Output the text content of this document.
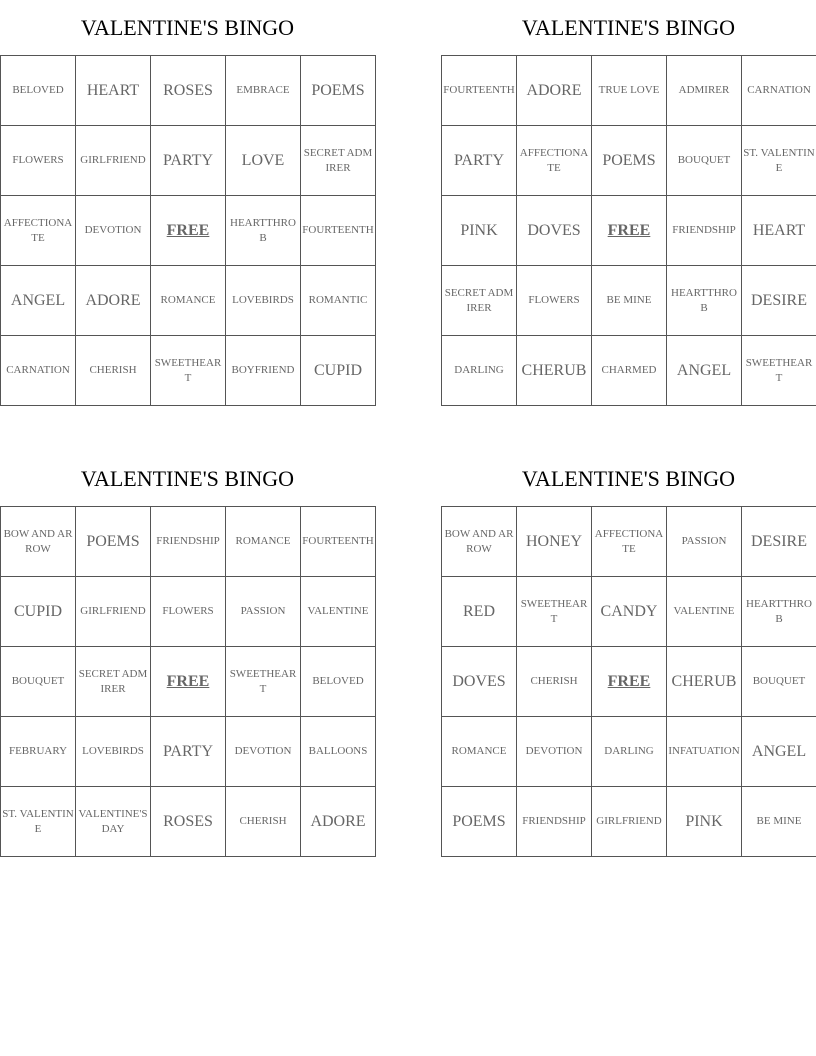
VALENTINE'S BINGO
BELOVED	HEART	ROSES	EMBRACE	POEMS
FLOWERS	GIRLFRIEND	PARTY	LOVE	SECRET ADMIRER
AFFECTIONATE	DEVOTION	FREE	HEARTTHROB	FOURTEENTH
ANGEL	ADORE	ROMANCE	LOVEBIRDS	ROMANTIC
CARNATION	CHERISH	SWEETHEART	BOYFRIEND	CUPID
VALENTINE'S BINGO
FOURTEENTH	ADORE	TRUE LOVE	ADMIRER	CARNATION
PARTY	AFFECTIONATE	POEMS	BOUQUET	ST. VALENTINE
PINK	DOVES	FREE	FRIENDSHIP	HEART
SECRET ADMIRER	FLOWERS	BE MINE	HEARTTHROB	DESIRE
DARLING	CHERUB	CHARMED	ANGEL	SWEETHEART
VALENTINE'S BINGO
BOW AND ARROW	POEMS	FRIENDSHIP	ROMANCE	FOURTEENTH
CUPID	GIRLFRIEND	FLOWERS	PASSION	VALENTINE
BOUQUET	SECRET ADMIRER	FREE	SWEETHEART	BELOVED
FEBRUARY	LOVEBIRDS	PARTY	DEVOTION	BALLOONS
ST. VALENTINE	VALENTINE'S DAY	ROSES	CHERISH	ADORE
VALENTINE'S BINGO
BOW AND ARROW	HONEY	AFFECTIONATE	PASSION	DESIRE
RED	SWEETHEART	CANDY	VALENTINE	HEARTTHROB
DOVES	CHERISH	FREE	CHERUB	BOUQUET
ROMANCE	DEVOTION	DARLING	INFATUATION	ANGEL
POEMS	FRIENDSHIP	GIRLFRIEND	PINK	BE MINE
